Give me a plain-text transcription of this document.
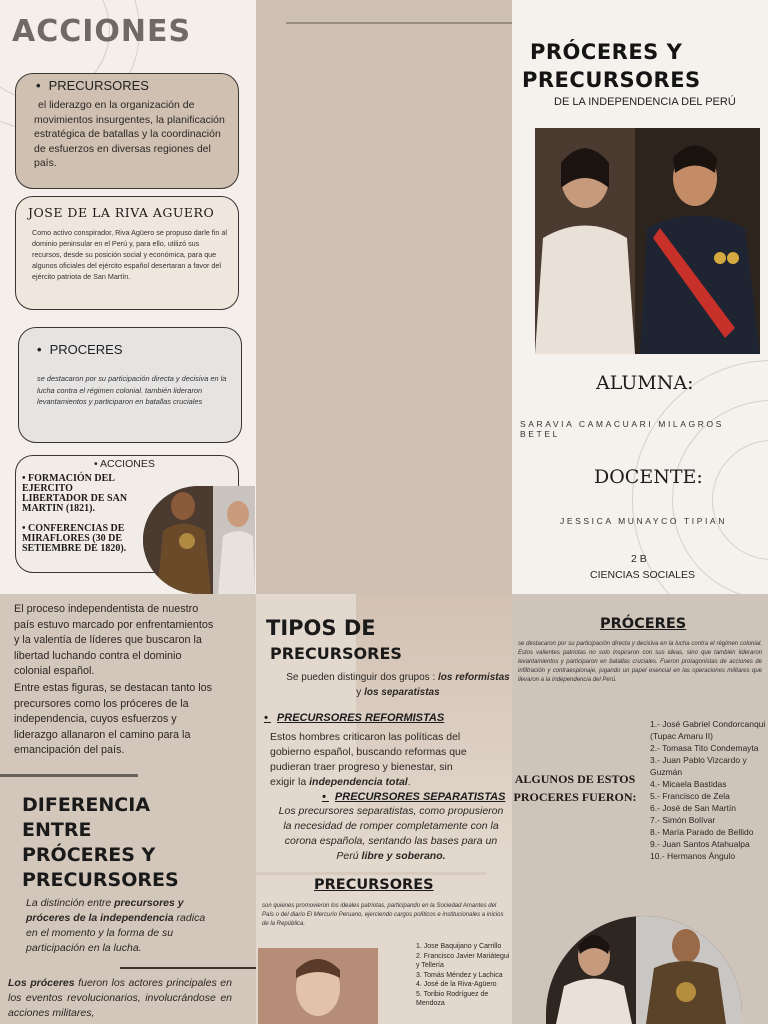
ACCIONES
• PRECURSORES
el liderazgo en la organización de movimientos insurgentes, la planificación estratégica de batallas y la coordinación de esfuerzos en diversas regiones del país.
JOSE DE LA RIVA AGUERO
Como activo conspirador, Riva Agüero se propuso darle fin al dominio peninsular en el Perú y, para ello, utilizó sus recursos, desde su posición social y económica, para que algunos oficiales del ejército español desertaran a favor del ejército patriota de San Martín.
• PROCERES
se destacaron por su participación directa y decisiva en la lucha contra el régimen colonial. también lideraron levantamientos y participaron en batallas cruciales
• ACCIONES
• FORMACIÓN DEL EJERCITO LIBERTADOR DE SAN MARTIN (1821).
• CONFERENCIAS DE MIRAFLORES (30 DE SETIEMBRE DE 1820).
PRÓCERES Y
PRECURSORES
DE LA INDEPENDENCIA DEL PERÚ
ALUMNA:
SARAVIA CAMACUARI MILAGROS BETEL
DOCENTE:
JESSICA MUNAYCO TIPIAN
2 B
CIENCIAS SOCIALES
El proceso independentista de nuestro país estuvo marcado por enfrentamientos y la valentía de líderes que buscaron la libertad luchando contra el dominio colonial español.
Entre estas figuras, se destacan tanto los precursores como los próceres de la independencia, cuyos esfuerzos y liderazgo allanaron el camino para la emancipación del país.
DIFERENCIA
ENTRE
PRÓCERES Y
PRECURSORES
La distinción entre precursores y próceres de la independencia radica en el momento y la forma de su participación en la lucha.
Los próceres fueron los actores principales en los eventos revolucionarios, involucrándose en acciones militares,
TIPOS DE
PRECURSORES
Se pueden distinguir dos grupos : los reformistas y los separatistas
• PRECURSORES REFORMISTAS
Estos hombres criticaron las políticas del gobierno español, buscando reformas que pudieran traer progreso y bienestar, sin exigir la independencia total.
• PRECURSORES SEPARATISTAS
Los precursores separatistas, como propusieron la necesidad de romper completamente con la corona española, sentando las bases para un Perú libre y soberano.
PRECURSORES
son quienes promovieron los ideales patriotas, participando en la Sociedad Amantes del País o del diario El Mercurio Peruano, ejerciendo cargos políticos e institucionales a inicios de la República.
1. Jose Baquijano y Carrillo
2. Francisco Javier Mariátegui y Tellería
3. Tomás Méndez y Lachica
4. José de la Riva-Agüero
5. Toribio Rodríguez de Mendoza
PRÓCERES
se destacaron por su participación directa y decisiva en la lucha contra el régimen colonial. Estos valientes patriotas no solo inspiraron con sus ideas, sino que también lideraron levantamientos y participaron en batallas cruciales. Fueron protagonistas de acciones de infiltración y contraespionaje, jugando un papel esencial en las operaciones militares que llevaron a la independencia del Perú.
ALGUNOS DE ESTOS PROCERES FUERON:
1.- José Gabriel Condorcanqui (Tupac Amaru II)
2.- Tomasa Tito Condemayta
3.- Juan Pablo Vizcardo y Guzmán
4.- Micaela Bastidas
5.- Francisco de Zela
6.- José de San Martín
7.- Simón Bolívar
8.- María Parado de Bellido
9.- Juan Santos Atahualpa
10.- Hermanos Ángulo
